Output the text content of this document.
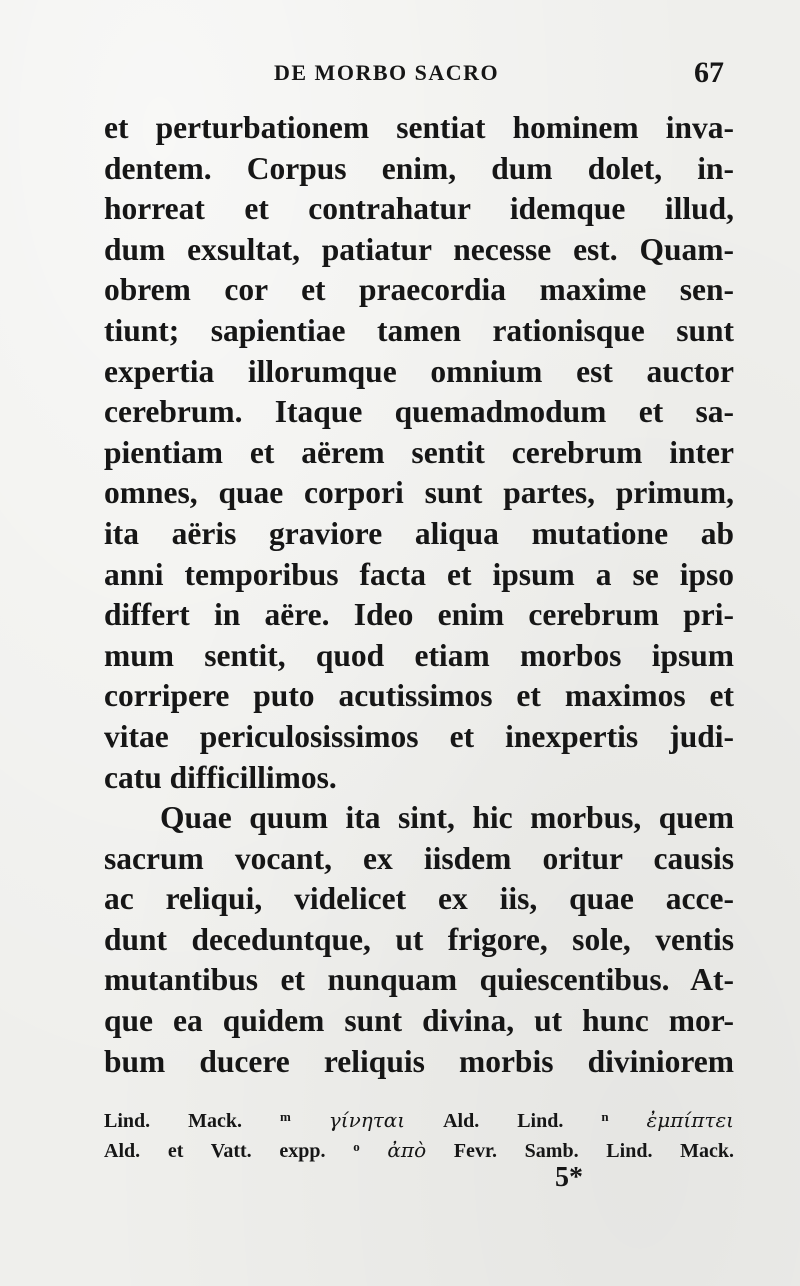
DE MORBO SACRO	67
et perturbationem sentiat hominem inva-
dentem. Corpus enim, dum dolet, in-
horreat et contrahatur idemque illud,
dum exsultat, patiatur necesse est. Quam-
obrem cor et praecordia maxime sen-
tiunt; sapientiae tamen rationisque sunt
expertia illorumque omnium est auctor
cerebrum. Itaque quemadmodum et sa-
pientiam et aërem sentit cerebrum inter
omnes, quae corpori sunt partes, primum,
ita aëris graviore aliqua mutatione ab
anni temporibus facta et ipsum a se ipso
differt in aëre. Ideo enim cerebrum pri-
mum sentit, quod etiam morbos ipsum
corripere puto acutissimos et maximos et
vitae periculosissimos et inexpertis judi-
catu difficillimos.
Quae quum ita sint, hic morbus, quem
sacrum vocant, ex iisdem oritur causis
ac reliqui, videlicet ex iis, quae acce-
dunt deceduntque, ut frigore, sole, ventis
mutantibus et nunquam quiescentibus. At-
que ea quidem sunt divina, ut hunc mor-
bum ducere reliquis morbis diviniorem
Lind. Mack.	$^m$ γίνηται Ald. Lind.	$^n$ ἐμπίπτει
Ald. et Vatt. expp. $^o$ ἀπὸ Fevr. Samb. Lind. Mack.
5*
